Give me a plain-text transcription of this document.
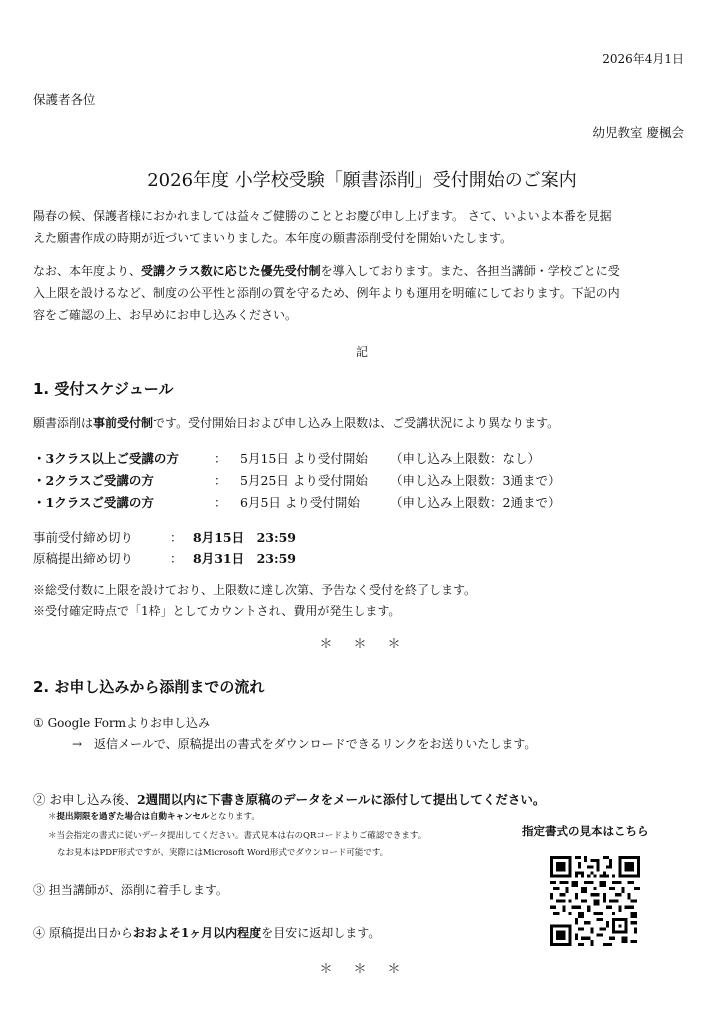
2026年4月1日
保護者各位
幼児教室 慶楓会
2026年度 小学校受験「願書添削」受付開始のご案内
陽春の候、保護者様におかれましては益々ご健勝のこととお慶び申し上げます。 さて、いよいよ本番を見据
えた願書作成の時期が近づいてまいりました。本年度の願書添削受付を開始いたします。
なお、本年度より、受講クラス数に応じた優先受付制を導入しております。また、各担当講師・学校ごとに受
入上限を設けるなど、制度の公平性と添削の質を守るため、例年よりも運用を明確にしております。下記の内
容をご確認の上、お早めにお申し込みください。
記
1. 受付スケジュール
願書添削は事前受付制です。受付開始日および申し込み上限数は、ご受講状況により異なります。
・3クラス以上ご受講の方	： 5月15日 より受付開始 （申し込み上限数：なし）
・2クラスご受講の方	： 5月25日 より受付開始 （申し込み上限数：3通まで）
・1クラスご受講の方	： 6月5日 より受付開始 （申し込み上限数：2通まで）
事前受付締め切り	： 8月15日　23:59
原稿提出締め切り	： 8月31日　23:59
※総受付数に上限を設けており、上限数に達し次第、予告なく受付を終了します。
※受付確定時点で「1枠」としてカウントされ、費用が発生します。
＊　＊　＊
2. お申し込みから添削までの流れ
① Google Formよりお申し込み
→　返信メールで、原稿提出の書式をダウンロードできるリンクをお送りいたします。
② お申し込み後、2週間以内に下書き原稿のデータをメールに添付して提出してください。
＊提出期限を過ぎた場合は自動キャンセルとなります。
＊当会指定の書式に従いデータ提出してください。書式見本は右のQRコードよりご確認できます。
なお見本はPDF形式ですが、実際にはMicrosoft Word形式でダウンロード可能です。
③ 担当講師が、添削に着手します。
④ 原稿提出日からおおよそ1ヶ月以内程度を目安に返却します。
＊　＊　＊
指定書式の見本はこちら
